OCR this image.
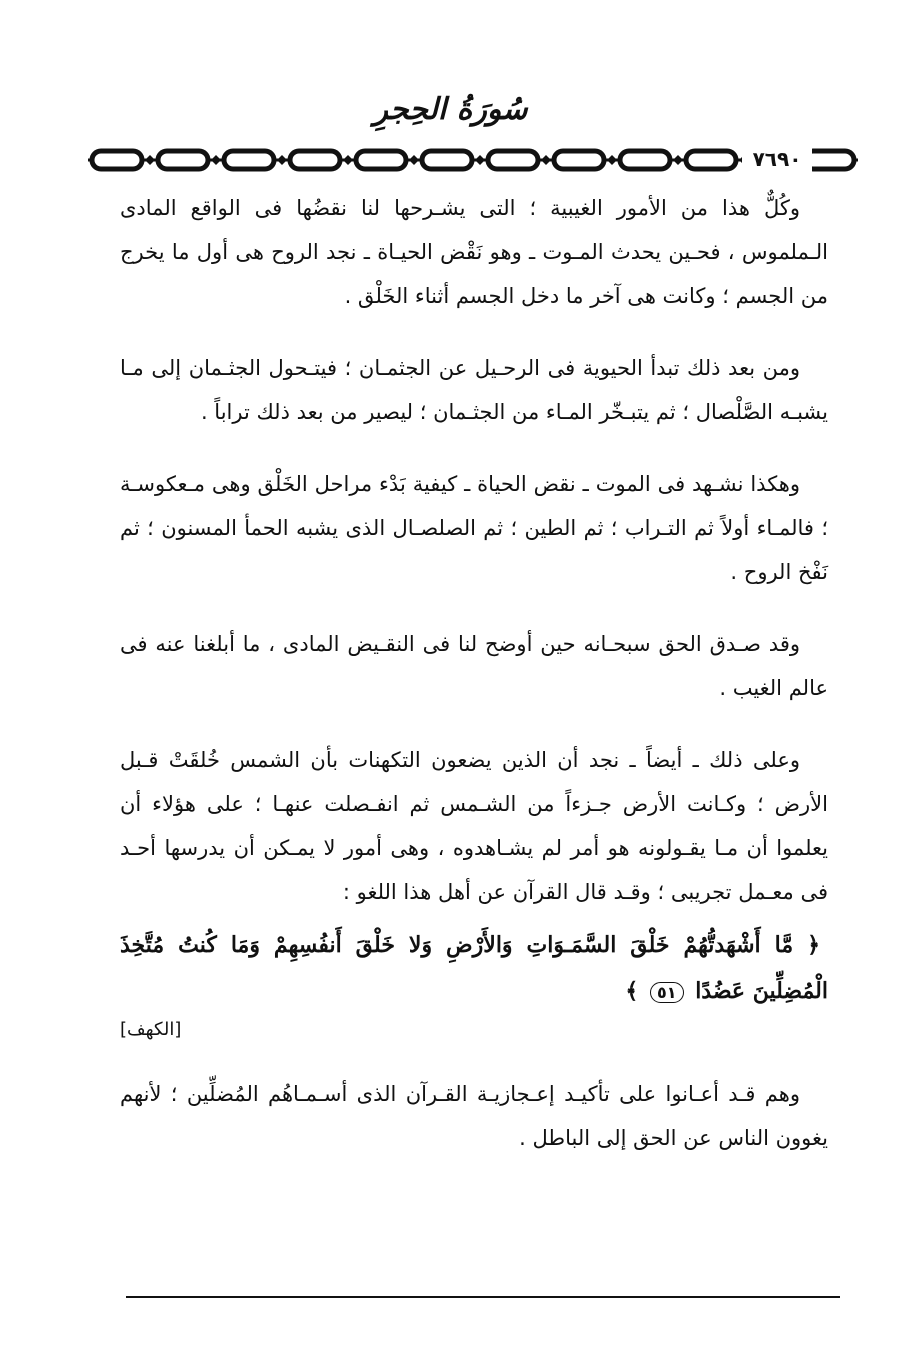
سُورَةُ الحِجرِ
٧٦٩٠

وكُلٌّ هذا من الأمور الغيبية ؛ التى يشـرحها لنا نقضُها فى الواقع المادى الـملموس ، فحـين يحدث المـوت ـ وهو نَقْض الحيـاة ـ نجد الروح هى أول ما يخرج من الجسم ؛ وكانت هى آخر ما دخل الجسم أثناء الخَلْق .

ومن بعد ذلك تبدأ الحيوية فى الرحـيل عن الجثمـان ؛ فيتـحول الجثـمان إلى مـا يشبـه الصَّلْصال ؛ ثم يتبـخّر المـاء من الجثـمان ؛ ليصير من بعد ذلك تراباً .

وهكذا نشـهد فى الموت ـ نقض الحياة ـ كيفية بَدْء مراحل الخَلْق وهى مـعكوسـة ؛ فالمـاء أولاً ثم التـراب ؛ ثم الطين ؛ ثم الصلصـال الذى يشبه الحمأ المسنون ؛ ثم نَفْخ الروح .

وقد صـدق الحق سبحـانه حين أوضح لنا فى النقـيض المادى ، ما أبلغنا عنه فى عالم الغيب .

وعلى ذلك ـ أيضاً ـ نجد أن الذين يضعون التكهنات بأن الشمس خُلقَتْ قـبل الأرض ؛ وكـانت الأرض جـزءاً من الشـمس ثم انفـصلت عنهـا ؛ على هؤلاء أن يعلموا أن مـا يقـولونه هو أمر لم يشـاهدوه ، وهى أمور لا يمـكن أن يدرسها أحـد فى معـمل تجريبى ؛ وقـد قال القرآن عن أهل هذا اللغو :

﴿ مَّا أَشْهَدتُّهُمْ خَلْقَ السَّمَـوَاتِ وَالأَرْضِ وَلا خَلْقَ أَنفُسِهِمْ وَمَا كُنتُ مُتَّخِذَ الْمُضِلِّينَ عَضُدًا ٥١ ﴾

[الكهف]

وهم قـد أعـانوا على تأكيـد إعـجازيـة القـرآن الذى أسـمـاهُم المُضلِّين ؛ لأنهم يغوون الناس عن الحق إلى الباطل .
